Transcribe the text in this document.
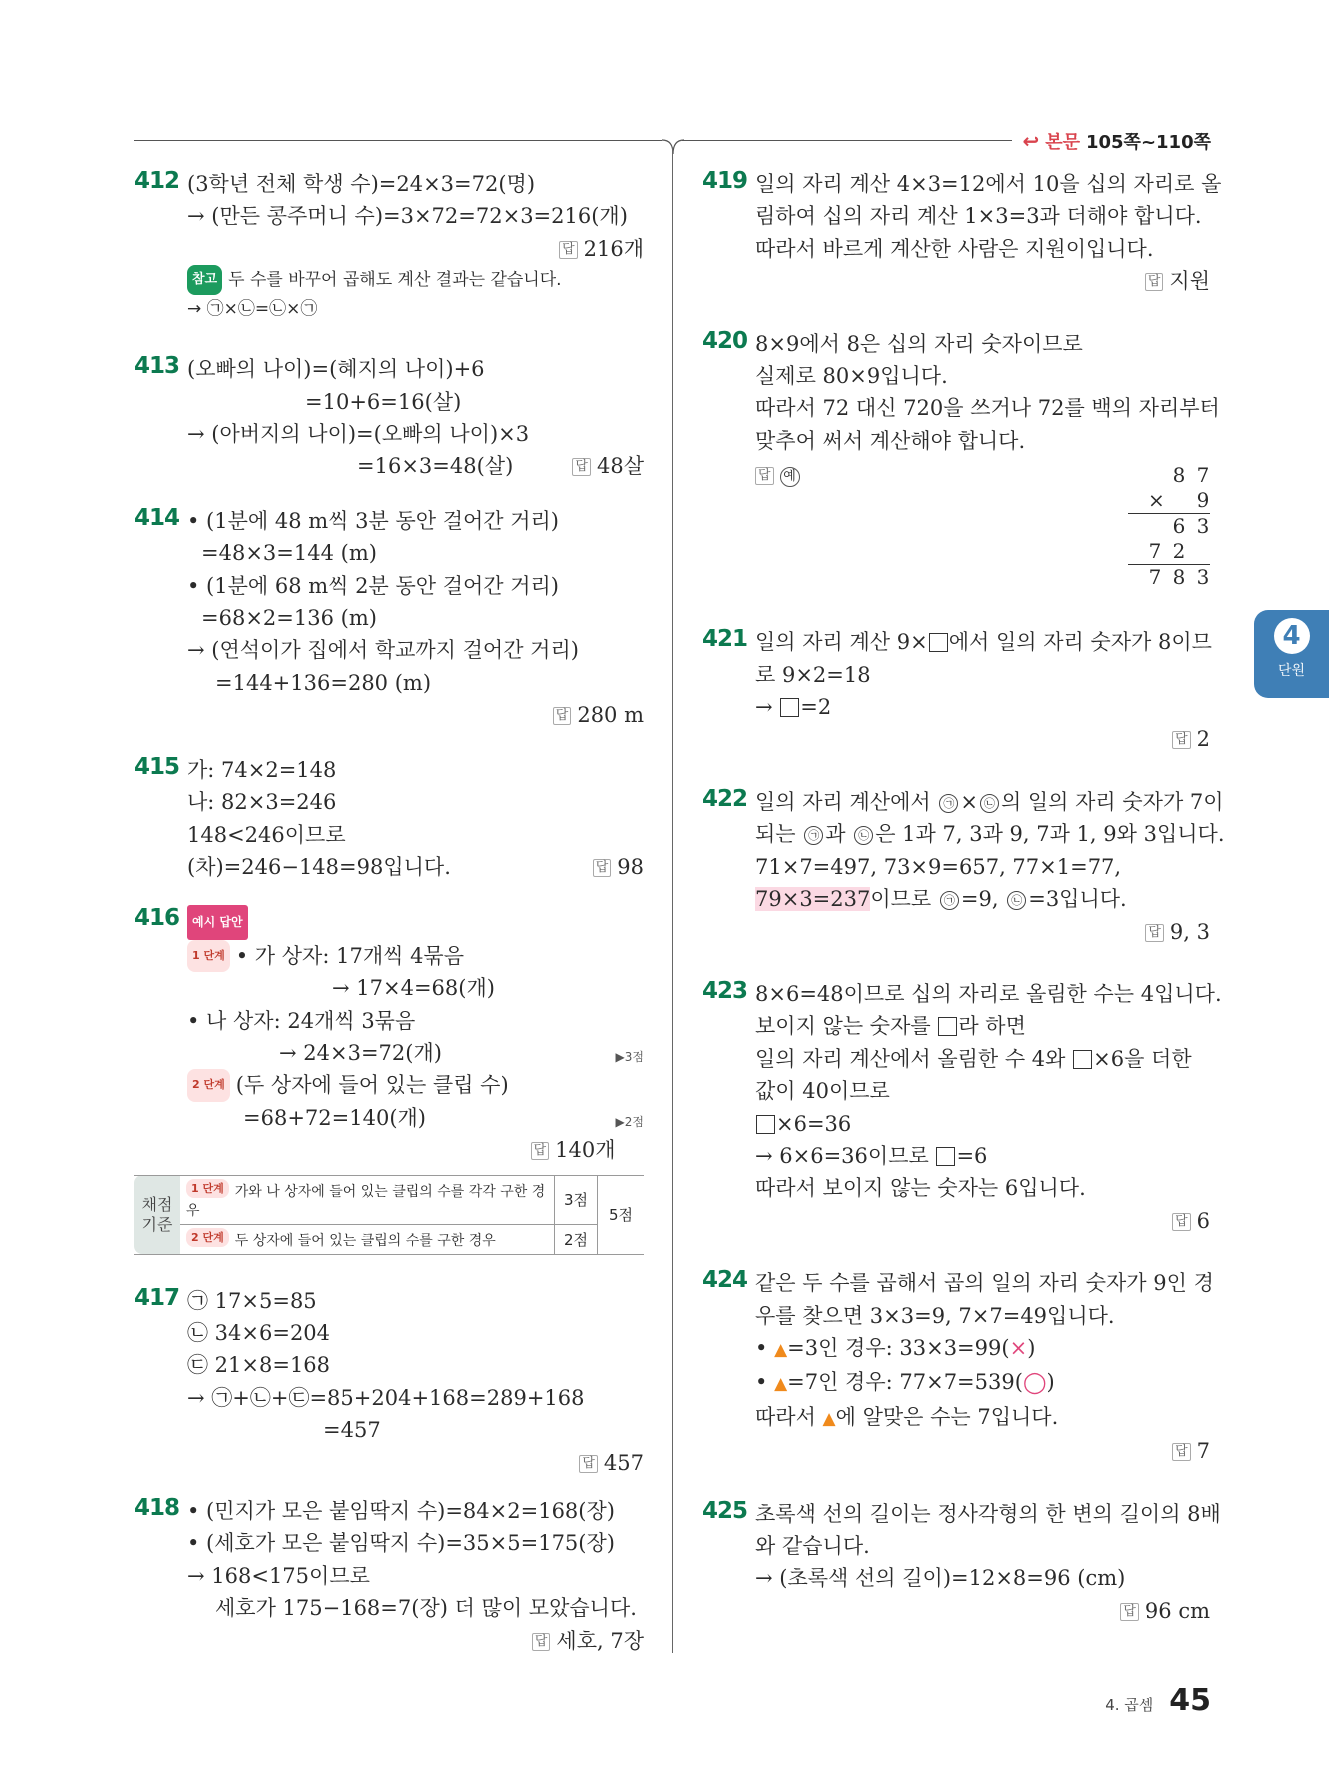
↩ 본문 105쪽~110쪽
412 (3학년 전체 학생 수)=24×3=72(명)
→ (만든 콩주머니 수)=3×72=72×3=216(개)
답 216개
참고 두 수를 바꾸어 곱해도 계산 결과는 같습니다.
→ ㉠×㉡=㉡×㉠
413 (오빠의 나이)=(혜지의 나이)+6
=10+6=16(살)
→ (아버지의 나이)=(오빠의 나이)×3
=16×3=48(살)	답 48살
414 • (1분에 48 m씩 3분 동안 걸어간 거리)
=48×3=144 (m)
• (1분에 68 m씩 2분 동안 걸어간 거리)
=68×2=136 (m)
→ (연석이가 집에서 학교까지 걸어간 거리)
=144+136=280 (m)
답 280 m
415 가: 74×2=148
나: 82×3=246
148<246이므로
(차)=246−148=98입니다.	답 98
416	예시 답안
1 단계 • 가 상자: 17개씩 4묶음
→ 17×4=68(개)
• 나 상자: 24개씩 3묶음
→ 24×3=72(개)	▶3점
2 단계 (두 상자에 들어 있는 클립 수)
=68+72=140(개)	▶2점
답 140개
채점
기준	1 단계 가와 나 상자에 들어 있는 클립의 수를 각각 구한 경우	3점	5점
	2 단계 두 상자에 들어 있는 클립의 수를 구한 경우	2점	
417 ㉠ 17×5=85
㉡ 34×6=204
㉢ 21×8=168
→ ㉠+㉡+㉢=85+204+168=289+168
=457
답 457
418 • (민지가 모은 붙임딱지 수)=84×2=168(장)
• (세호가 모은 붙임딱지 수)=35×5=175(장)
→ 168<175이므로
세호가 175−168=7(장) 더 많이 모았습니다.
답 세호, 7장
419 일의 자리 계산 4×3=12에서 10을 십의 자리로 올
림하여 십의 자리 계산 1×3=3과 더해야 합니다.
따라서 바르게 계산한 사람은 지원이입니다.
답 지원
420 8×9에서 8은 십의 자리 숫자이므로
실제로 80×9입니다.
따라서 72 대신 720을 쓰거나 72를 백의 자리부터
맞추어 써서 계산해야 합니다.
답 예	8 7
× 9
6 3
7 2
7 8 3
421 일의 자리 계산 9× 에서 일의 자리 숫자가 8이므
로 9×2=18
→ =2
답 2
422 일의 자리 계산에서 ㉠ × ㉡ 의 일의 자리 숫자가 7이
되는 ㉠ 과 ㉡ 은 1과 7, 3과 9, 7과 1, 9와 3입니다.
71×7=497, 73×9=657, 77×1=77,
79×3=237이므로 ㉠ =9, ㉡ =3입니다.
답 9, 3
423 8×6=48이므로 십의 자리로 올림한 수는 4입니다.
보이지 않는 숫자를 라 하면
일의 자리 계산에서 올림한 수 4와 ×6을 더한
값이 40이므로
×6=36
→ 6×6=36이므로 =6
따라서 보이지 않는 숫자는 6입니다.
답 6
424 같은 두 수를 곱해서 곱의 일의 자리 숫자가 9인 경
우를 찾으면 3×3=9, 7×7=49입니다.
• ▲=3인 경우: 33×3=99(×)
• ▲=7인 경우: 77×7=539(◯)
따라서 ▲에 알맞은 수는 7입니다.
답 7
425 초록색 선의 길이는 정사각형의 한 변의 길이의 8배
와 같습니다.
→ (초록색 선의 길이)=12×8=96 (cm)
답 96 cm
4
단원
4. 곱셈 45
